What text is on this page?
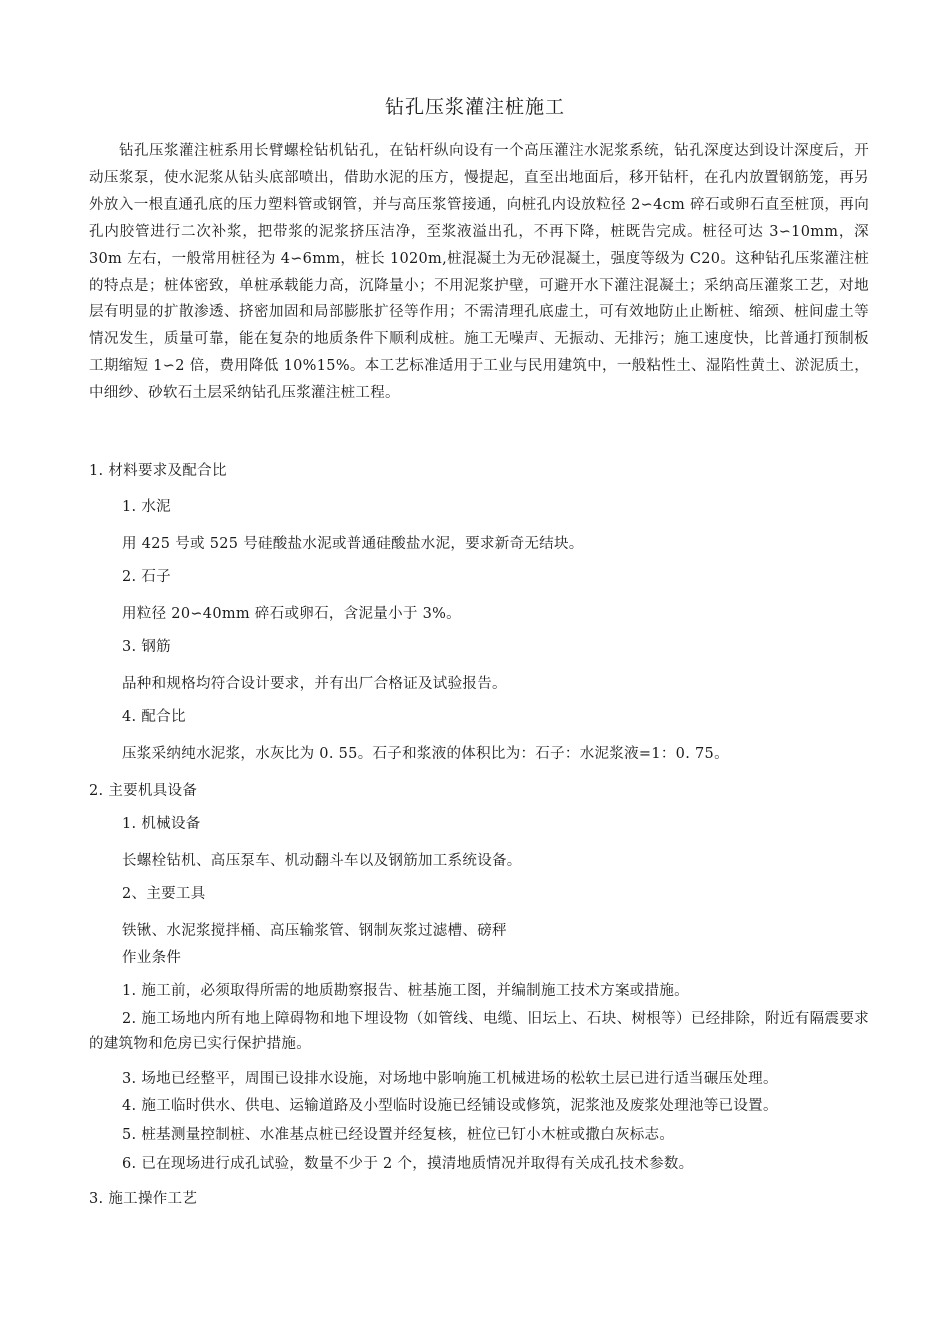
钻孔压浆灌注桩施工

钻孔压浆灌注桩系用长臂螺栓钻机钻孔，在钻杆纵向设有一个高压灌注水泥浆系统，钻孔深度达到设计深度后，开动压浆泵，使水泥浆从钻头底部喷出，借助水泥的压方，慢提起，直至出地面后，移开钻杆，在孔内放置钢筋笼，再另外放入一根直通孔底的压力塑料管或钢管，并与高压浆管接通，向桩孔内设放粒径 2∽4cm 碎石或卵石直至桩顶，再向孔内胶管进行二次补浆，把带浆的泥浆挤压洁净，至浆液溢出孔，不再下降，桩既告完成。桩径可达 3∽10mm，深 30m 左右，一般常用桩径为 4∽6mm，桩长 1020m,桩混凝土为无砂混凝土，强度等级为 C20。这种钻孔压浆灌注桩的特点是；桩体密致，单桩承载能力高，沉降量小；不用泥浆护壁，可避开水下灌注混凝土；采纳高压灌浆工艺，对地层有明显的扩散渗透、挤密加固和局部膨胀扩径等作用；不需清理孔底虚土，可有效地防止止断桩、缩颈、桩间虚土等情况发生，质量可靠，能在复杂的地质条件下顺利成桩。施工无噪声、无振动、无排污；施工速度快，比普通打预制板工期缩短 1∽2 倍，费用降低 10%15%。本工艺标准适用于工业与民用建筑中，一般粘性土、湿陷性黄土、淤泥质土，中细纱、砂软石土层采纳钻孔压浆灌注桩工程。

1. 材料要求及配合比

1. 水泥

用 425 号或 525 号硅酸盐水泥或普通硅酸盐水泥，要求新奇无结块。

2. 石子

用粒径 20∽40mm 碎石或卵石，含泥量小于 3%。

3. 钢筋

品种和规格均符合设计要求，并有出厂合格证及试验报告。

4. 配合比

压浆采纳纯水泥浆，水灰比为 0. 55。石子和浆液的体积比为：石子：水泥浆液=1：0. 75。

2. 主要机具设备

1. 机械设备

长螺栓钻机、高压泵车、机动翻斗车以及钢筋加工系统设备。

2、主要工具

铁锹、水泥浆搅拌桶、高压输浆管、钢制灰浆过滤槽、磅秤

作业条件

1. 施工前，必须取得所需的地质勘察报告、桩基施工图，并编制施工技术方案或措施。

2. 施工场地内所有地上障碍物和地下埋设物（如管线、电缆、旧坛上、石块、树根等）已经排除，附近有隔震要求的建筑物和危房已实行保护措施。

3. 场地已经整平，周围已设排水设施，对场地中影响施工机械进场的松软土层已进行适当碾压处理。

4. 施工临时供水、供电、运输道路及小型临时设施已经铺设或修筑，泥浆池及废浆处理池等已设置。

5. 桩基测量控制桩、水准基点桩已经设置并经复核，桩位已钉小木桩或撒白灰标志。

6. 已在现场进行成孔试验，数量不少于 2 个，摸清地质情况并取得有关成孔技术参数。

3. 施工操作工艺
